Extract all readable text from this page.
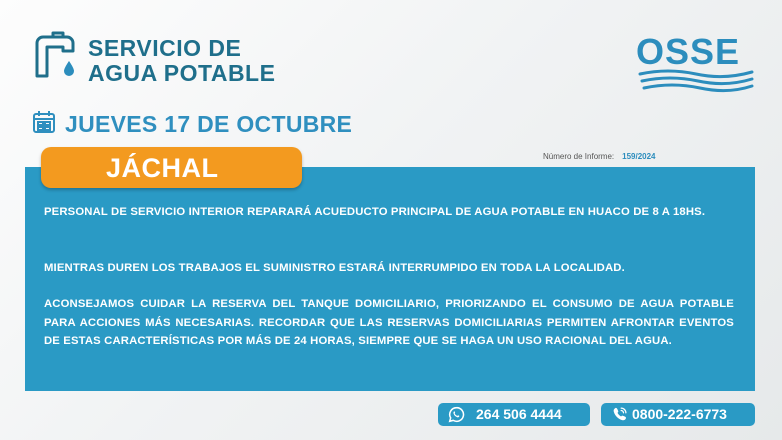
SERVICIO DE
AGUA POTABLE
OSSE
JUEVES 17 DE OCTUBRE
Número de Informe: 159/2024
JÁCHAL
PERSONAL DE SERVICIO INTERIOR REPARARÁ ACUEDUCTO PRINCIPAL DE AGUA POTABLE EN HUACO DE 8 A 18HS.
MIENTRAS DUREN LOS TRABAJOS EL SUMINISTRO ESTARÁ INTERRUMPIDO EN TODA LA LOCALIDAD.
ACONSEJAMOS CUIDAR LA RESERVA DEL TANQUE DOMICILIARIO, PRIORIZANDO EL CONSUMO DE AGUA POTABLE PARA ACCIONES MÁS NECESARIAS. RECORDAR QUE LAS RESERVAS DOMICILIARIAS PERMITEN AFRONTAR EVENTOS DE ESTAS CARACTERÍSTICAS POR MÁS DE 24 HORAS, SIEMPRE QUE SE HAGA UN USO RACIONAL DEL AGUA.
264 506 4444	0800-222-6773
